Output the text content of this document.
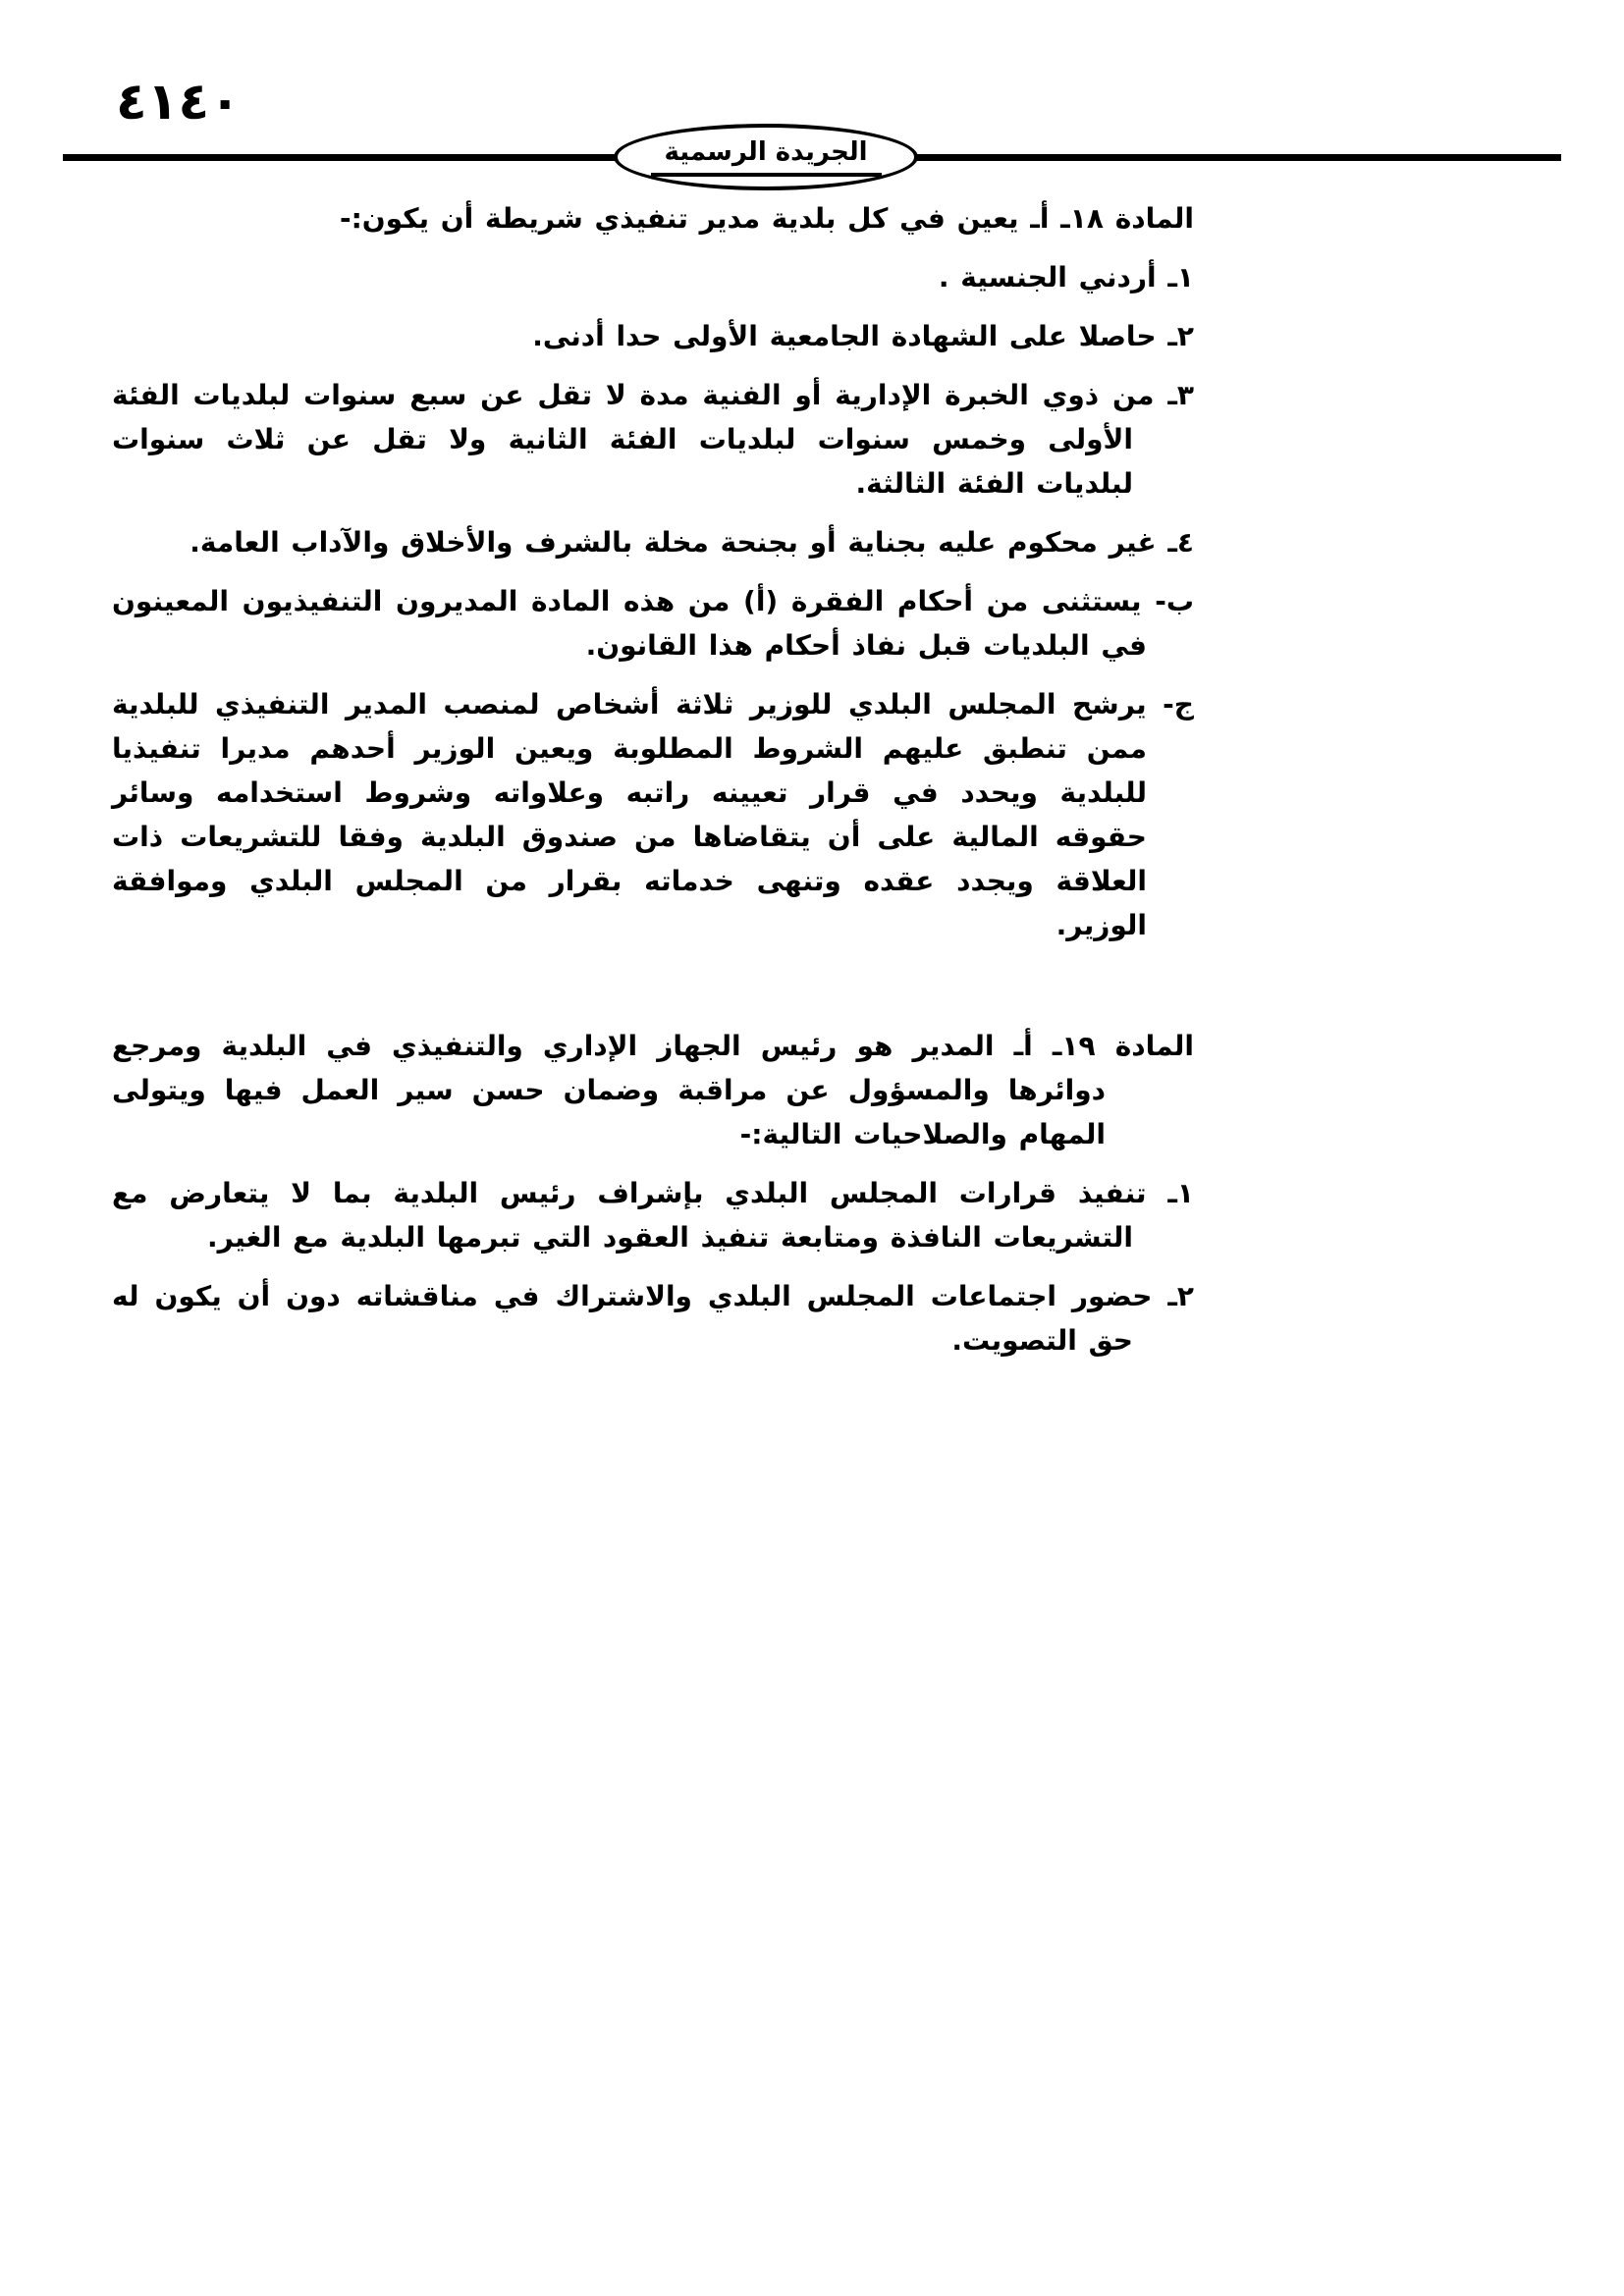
٤١٤٠
الجريدة الرسمية

المادة ١٨ـ أـ يعين في كل بلدية مدير تنفيذي شريطة أن يكون:-

١ـ أردني الجنسية .

٢ـ حاصلا على الشهادة الجامعية الأولى حدا أدنى.

٣ـ من ذوي الخبرة الإدارية أو الفنية مدة لا تقل عن سبع سنوات لبلديات الفئة الأولى وخمس سنوات لبلديات الفئة الثانية ولا تقل عن ثلاث سنوات لبلديات الفئة الثالثة.

٤ـ غير محكوم عليه بجناية أو بجنحة مخلة بالشرف والأخلاق والآداب العامة.

ب- يستثنى من أحكام الفقرة (أ) من هذه المادة المديرون التنفيذيون المعينون في البلديات قبل نفاذ أحكام هذا القانون.

ج- يرشح المجلس البلدي للوزير ثلاثة أشخاص لمنصب المدير التنفيذي للبلدية ممن تنطبق عليهم الشروط المطلوبة ويعين الوزير أحدهم مديرا تنفيذيا للبلدية ويحدد في قرار تعيينه راتبه وعلاواته وشروط استخدامه وسائر حقوقه المالية على أن يتقاضاها من صندوق البلدية وفقا للتشريعات ذات العلاقة ويجدد عقده وتنهى خدماته بقرار من المجلس البلدي وموافقة الوزير.

المادة ١٩ـ أـ المدير هو رئيس الجهاز الإداري والتنفيذي في البلدية ومرجع دوائرها والمسؤول عن مراقبة وضمان حسن سير العمل فيها ويتولى المهام والصلاحيات التالية:-

١ـ تنفيذ قرارات المجلس البلدي بإشراف رئيس البلدية بما لا يتعارض مع التشريعات النافذة ومتابعة تنفيذ العقود التي تبرمها البلدية مع الغير.

٢ـ حضور اجتماعات المجلس البلدي والاشتراك في مناقشاته دون أن يكون له حق التصويت.
